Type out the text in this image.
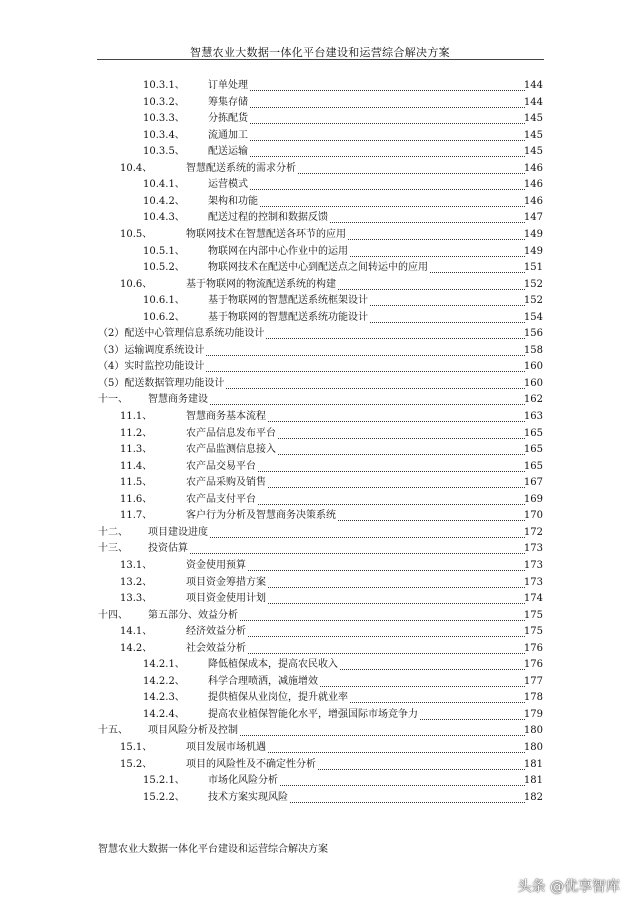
智慧农业大数据一体化平台建设和运营综合解决方案
10.3.1、 订单处理	144
10.3.2、 筹集存储	144
10.3.3、 分拣配货	145
10.3.4、 流通加工	145
10.3.5、 配送运输	145
10.4、	智慧配送系统的需求分析	146
10.4.1、 运营模式	146
10.4.2、 架构和功能	146
10.4.3、 配送过程的控制和数据反馈	147
10.5、	物联网技术在智慧配送各环节的应用	149
10.5.1、 物联网在内部中心作业中的运用	149
10.5.2、 物联网技术在配送中心到配送点之间转运中的应用	151
10.6、	基于物联网的物流配送系统的构建	152
10.6.1、 基于物联网的智慧配送系统框架设计	152
10.6.2、 基于物联网的智慧配送系统功能设计	154
（2）配送中心管理信息系统功能设计	156
（3）运输调度系统设计	158
（4）实时监控功能设计	160
（5）配送数据管理功能设计	160
十一、 智慧商务建设	162
11.1、	智慧商务基本流程	163
11.2、	农产品信息发布平台	165
11.3、	农产品监测信息接入	165
11.4、	农产品交易平台	165
11.5、	农产品采购及销售	167
11.6、	农产品支付平台	169
11.7、	客户行为分析及智慧商务决策系统	170
十二、 项目建设进度	172
十三、 投资估算	173
13.1、	资金使用预算	173
13.2、	项目资金筹措方案	173
13.3、	项目资金使用计划	174
十四、 第五部分、效益分析	175
14.1、	经济效益分析	175
14.2、	社会效益分析	176
14.2.1、 降低植保成本，提高农民收入	176
14.2.2、 科学合理喷洒，减施增效	177
14.2.3、 提供植保从业岗位，提升就业率	178
14.2.4、 提高农业植保智能化水平，增强国际市场竞争力	179
十五、 项目风险分析及控制	180
15.1、	项目发展市场机遇	180
15.2、	项目的风险性及不确定性分析	181
15.2.1、 市场化风险分析	181
15.2.2、 技术方案实现风险	182
智慧农业大数据一体化平台建设和运营综合解决方案
头条 @优享智库
